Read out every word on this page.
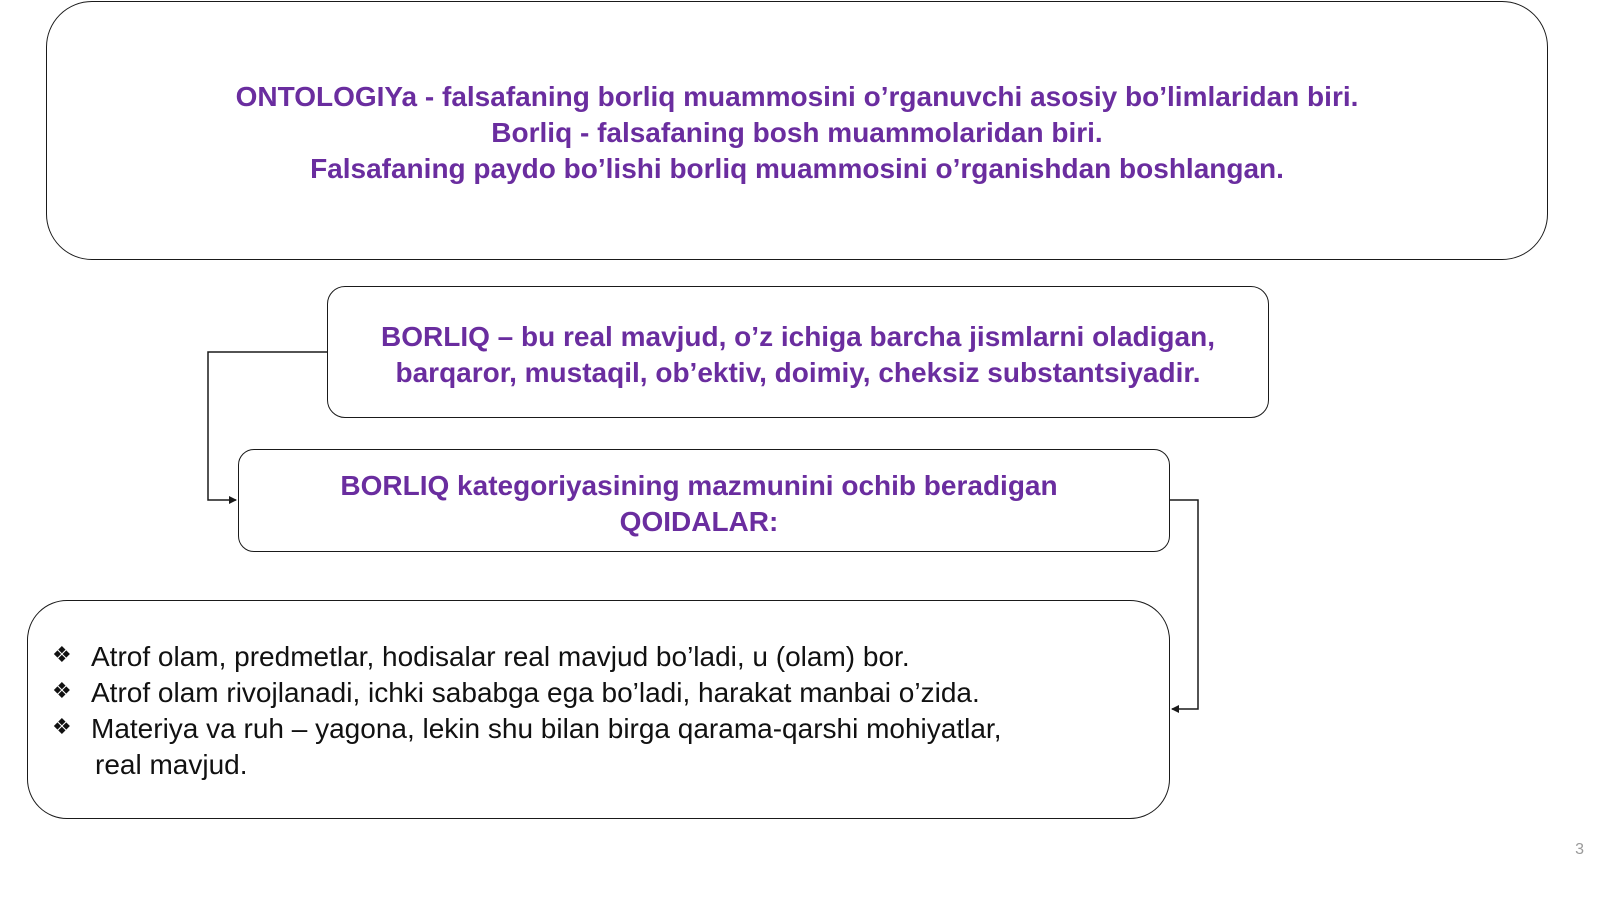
ONTOLOGIYa - falsafaning borliq muammosini o’rganuvchi asosiy bo’limlaridan biri.
Borliq - falsafaning bosh muammolaridan biri.
Falsafaning paydo bo’lishi borliq muammosini o’rganishdan boshlangan.
BORLIQ – bu real mavjud, o’z ichiga barcha jismlarni oladigan,
barqaror, mustaqil, ob’ektiv, doimiy, cheksiz substantsiyadir.
BORLIQ kategoriyasining mazmunini ochib beradigan
QOIDALAR:
❖ Atrof olam, predmetlar, hodisalar real mavjud bo’ladi, u (olam) bor.
❖ Atrof olam rivojlanadi, ichki sababga ega bo’ladi, harakat manbai o’zida.
❖ Materiya va ruh – yagona, lekin shu bilan birga qarama-qarshi mohiyatlar,
real mavjud.
3
